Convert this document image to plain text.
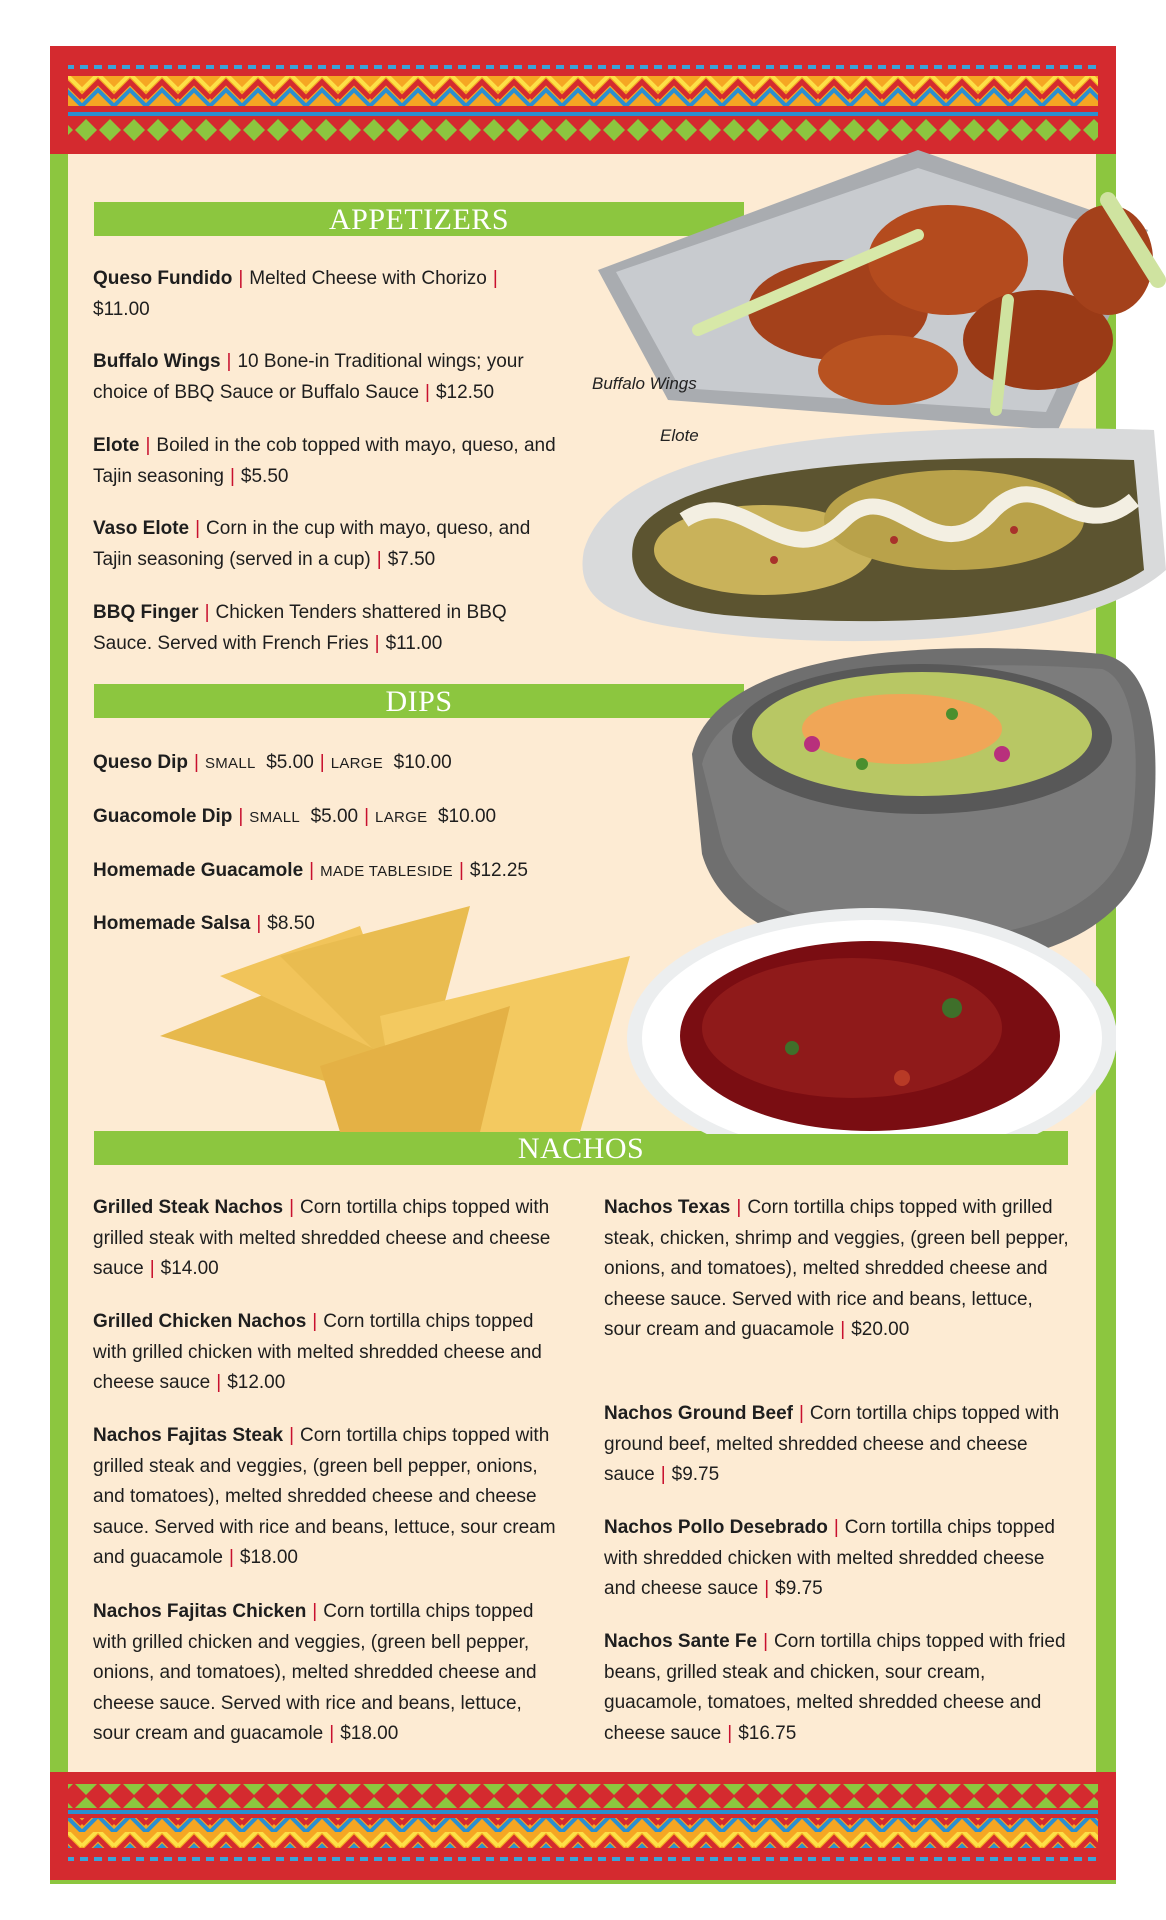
APPETIZERS
DIPS
NACHOS
Buffalo Wings
Elote
Queso Fundido | Melted Cheese with Chorizo |
$11.00
Buffalo Wings | 10 Bone-in Traditional wings; your choice of BBQ Sauce or Buffalo Sauce | $12.50
Elote | Boiled in the cob topped with mayo, queso, and Tajin seasoning | $5.50
Vaso Elote | Corn in the cup with mayo, queso, and Tajin seasoning (served in a cup) | $7.50
BBQ Finger | Chicken Tenders shattered in BBQ Sauce. Served with French Fries | $11.00
Queso Dip | SMALL $5.00 | LARGE $10.00
Guacomole Dip | SMALL $5.00 | LARGE $10.00
Homemade Guacamole | MADE TABLESIDE | $12.25
Homemade Salsa | $8.50
Grilled Steak Nachos | Corn tortilla chips topped with grilled steak with melted shredded cheese and cheese sauce | $14.00
Grilled Chicken Nachos | Corn tortilla chips topped with grilled chicken with melted shredded cheese and cheese sauce | $12.00
Nachos Fajitas Steak | Corn tortilla chips topped with grilled steak and veggies, (green bell pepper, onions, and tomatoes), melted shredded cheese and cheese sauce. Served with rice and beans, lettuce, sour cream and guacamole | $18.00
Nachos Fajitas Chicken | Corn tortilla chips topped with grilled chicken and veggies, (green bell pepper, onions, and tomatoes), melted shredded cheese and cheese sauce. Served with rice and beans, lettuce, sour cream and guacamole | $18.00
Nachos Texas | Corn tortilla chips topped with grilled steak, chicken, shrimp and veggies, (green bell pepper, onions, and tomatoes), melted shredded cheese and cheese sauce. Served with rice and beans, lettuce, sour cream and guacamole | $20.00
Nachos Ground Beef | Corn tortilla chips topped with ground beef, melted shredded cheese and cheese sauce | $9.75
Nachos Pollo Desebrado | Corn tortilla chips topped with shredded chicken with melted shredded cheese and cheese sauce | $9.75
Nachos Sante Fe | Corn tortilla chips topped with fried beans, grilled steak and chicken, sour cream, guacamole, tomatoes, melted shredded cheese and cheese sauce | $16.75
